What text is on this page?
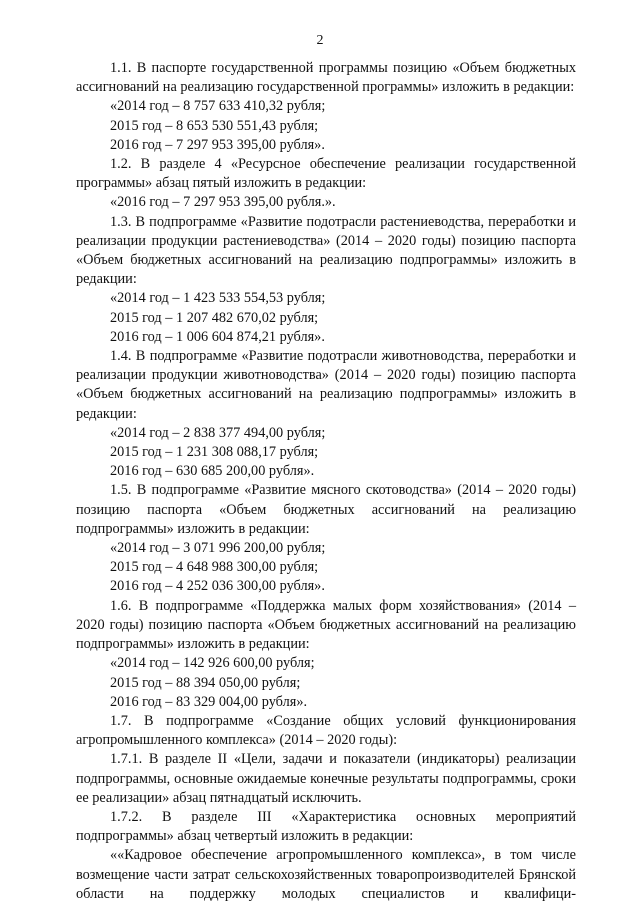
2

1.1. В паспорте государственной программы позицию «Объем бюджетных ассигнований на реализацию государственной программы» изложить в редакции:

«2014 год – 8 757 633 410,32 рубля;

2015 год – 8 653 530 551,43 рубля;

2016 год – 7 297 953 395,00 рубля».

1.2. В разделе 4 «Ресурсное обеспечение реализации государственной программы» абзац пятый изложить в редакции:

«2016 год – 7 297 953 395,00 рубля.».

1.3. В подпрограмме «Развитие подотрасли растениеводства, переработки и реализации продукции растениеводства» (2014 – 2020 годы) позицию паспорта «Объем бюджетных ассигнований на реализацию подпрограммы» изложить в редакции:

«2014 год – 1 423 533 554,53 рубля;

2015 год – 1 207 482 670,02 рубля;

2016 год – 1 006 604 874,21 рубля».

1.4. В подпрограмме «Развитие подотрасли животноводства, переработки и реализации продукции животноводства» (2014 – 2020 годы) позицию паспорта «Объем бюджетных ассигнований на реализацию подпрограммы» изложить в редакции:

«2014 год – 2 838 377 494,00 рубля;

2015 год – 1 231 308 088,17 рубля;

2016 год – 630 685 200,00 рубля».

1.5. В подпрограмме «Развитие мясного скотоводства» (2014 – 2020 годы) позицию паспорта «Объем бюджетных ассигнований на реализацию подпрограммы» изложить в редакции:

«2014 год – 3 071 996 200,00 рубля;

2015 год – 4 648 988 300,00 рубля;

2016 год – 4 252 036 300,00 рубля».

1.6. В подпрограмме «Поддержка малых форм хозяйствования» (2014 – 2020 годы) позицию паспорта «Объем бюджетных ассигнований на реализацию подпрограммы» изложить в редакции:

«2014 год – 142 926 600,00 рубля;

2015 год – 88 394 050,00 рубля;

2016 год – 83 329 004,00 рубля».

1.7. В подпрограмме «Создание общих условий функционирования агропромышленного комплекса» (2014 – 2020 годы):

1.7.1. В разделе II «Цели, задачи и показатели (индикаторы) реализации подпрограммы, основные ожидаемые конечные результаты подпрограммы, сроки ее реализации» абзац пятнадцатый исключить.

1.7.2. В разделе III «Характеристика основных мероприятий подпрограммы» абзац четвертый изложить в редакции:

««Кадровое обеспечение агропромышленного комплекса», в том числе возмещение части затрат сельскохозяйственных товаропроизводителей Брянской области на поддержку молодых специалистов и квалифици-
